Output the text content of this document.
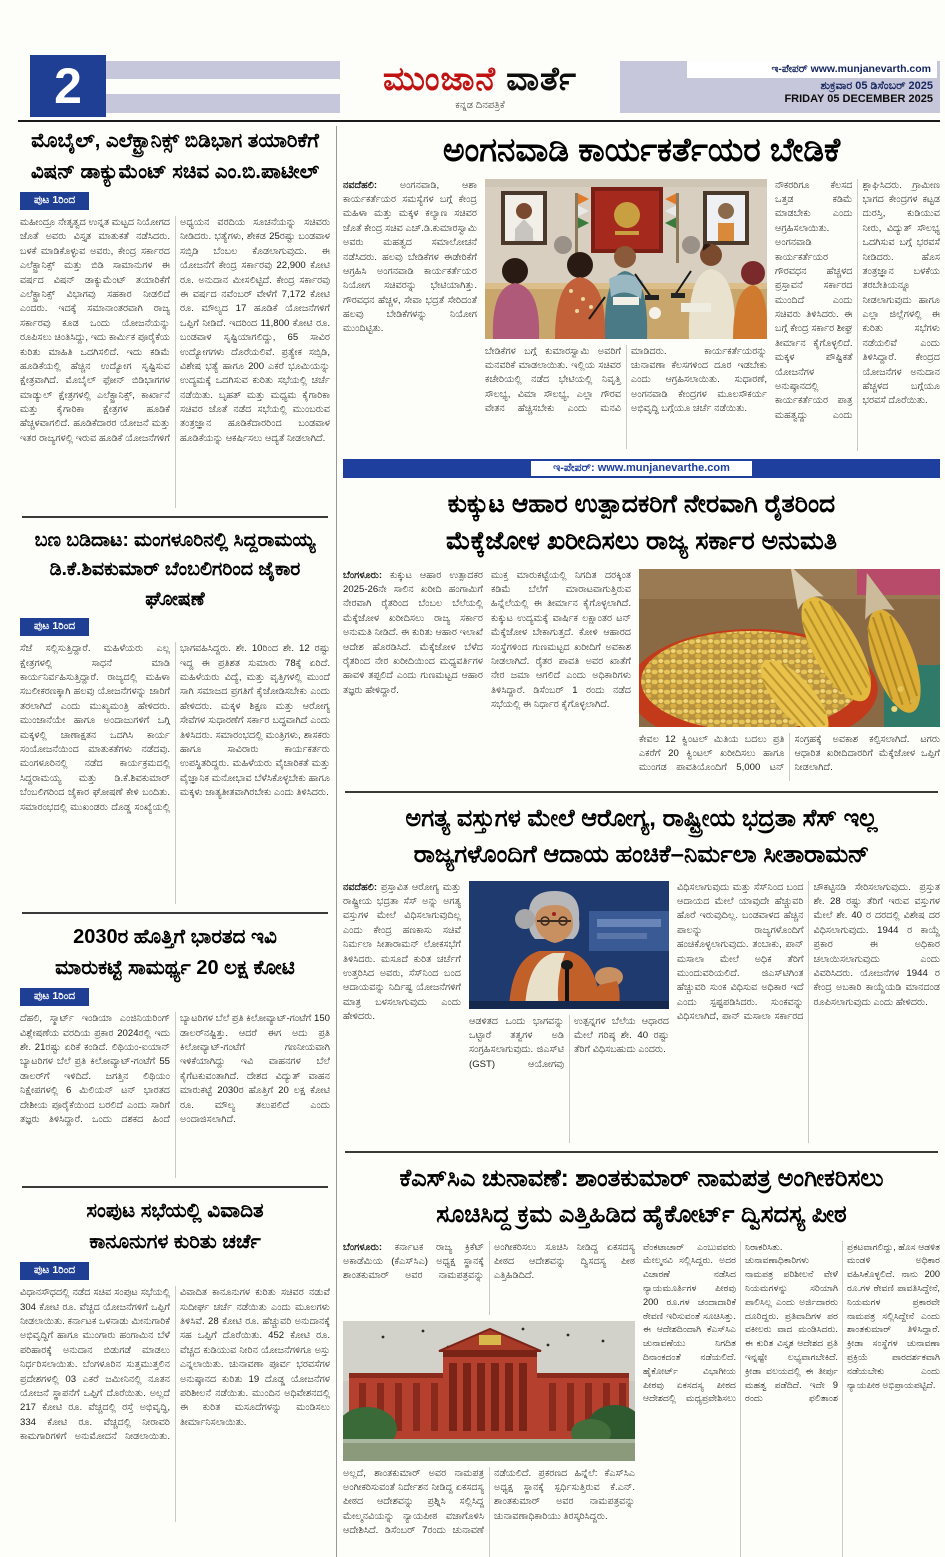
2	ಮುಂಜಾನೆ ವಾರ್ತೆ
ಕನ್ನಡ ದಿನಪತ್ರಿಕೆ
ಇ-ಪೇಪರ್ www.munjanevarth.com
ಶುಕ್ರವಾರ 05 ಡಿಸೆಂಬರ್ 2025
FRIDAY 05 DECEMBER 2025
ಮೊಬೈಲ್, ಎಲೆಕ್ಟ್ರಾನಿಕ್ಸ್ ಬಿಡಿಭಾಗ ತಯಾರಿಕೆಗೆ
ವಿಷನ್ ಡಾಕ್ಯುಮೆಂಟ್ ಸಚಿವ ಎಂ.ಬಿ.ಪಾಟೀಲ್
ಪುಟ 1ರಿಂದ
ಮಹೀಂದ್ರೂ ನೇತೃತ್ವದ ಉನ್ನತ ಮಟ್ಟದ ನಿಯೋಗದ ಜೊತೆ ಅವರು ವಿಸ್ತೃತ ಮಾತುಕತೆ ನಡೆಸಿದರು. ಬಳಕೆ ಮಾಡಿಕೊಳ್ಳುವ ಅವರು, ಕೇಂದ್ರ ಸರ್ಕಾರದ ಎಲೆಕ್ಟ್ರಾನಿಕ್ಸ್ ಮತ್ತು ಬಿಡಿ ಸಾಮಾನುಗಳ ಈ ವರ್ಷದ ವಿಷನ್ ಡಾಕ್ಯುಮೆಂಟ್ ತಯಾರಿಕೆಗೆ ಎಲೆಕ್ಟ್ರಾನಿಕ್ಸ್ ವಿಭಾಗವು ಸಹಕಾರ ನೀಡಲಿದೆ ಎಂದರು. ಇದಕ್ಕೆ ಸಮಾನಾಂತರವಾಗಿ ರಾಜ್ಯ ಸರ್ಕಾರವು ಕೂಡ ಒಂದು ಯೋಜನೆಯನ್ನು ರೂಪಿಸಲು ಚಿಂತಿಸಿದ್ದು, ಇದು ಕಾರ್ಮಿಕ ಪೂರೈಕೆಯ ಕುರಿತು ಮಾಹಿತಿ ಒದಗಿಸಲಿದೆ. ಇದು ಕಡಿಮೆ ಹೂಡಿಕೆಯಲ್ಲಿ ಹೆಚ್ಚಿನ ಉದ್ಯೋಗ ಸೃಷ್ಟಿಸುವ ಕ್ಷೇತ್ರವಾಗಿದೆ. ಮೊಬೈಲ್ ಫೋನ್ ಬಿಡಿಭಾಗಗಳ ಮಾಡ್ಯುಲ್ ಕ್ಷೇತ್ರಗಳಲ್ಲಿ ಎಲೆಕ್ಟ್ರಾನಿಕ್ಸ್, ಕಾರ್ಖಾನೆ ಮತ್ತು ಕೈಗಾರಿಕಾ ಕ್ಷೇತ್ರಗಳ ಹೂಡಿಕೆ ಹೆಚ್ಚಳವಾಗಲಿದೆ. ಹೂಡಿಕೆದಾರರ ಯೋಜನೆ ಮತ್ತು ಇತರ ರಾಜ್ಯಗಳಲ್ಲಿ ಇರುವ ಹೂಡಿಕೆ ಯೋಜನೆಗಳಿಗೆ ಅಧ್ಯಯನ ವರದಿಯ ಸೂಚನೆಯನ್ನು ಸಚಿವರು ನೀಡಿದರು. ಭತ್ಯೆಗಳು, ಶೇಕಡ 25ರಷ್ಟು ಬಂಡವಾಳ ಸಬ್ಸಿಡಿ ಬೆಂಬಲ ಕೊಡಲಾಗುವುದು. ಈ ಯೋಜನೆಗೆ ಕೇಂದ್ರ ಸರ್ಕಾರವು 22,900 ಕೋಟಿ ರೂ. ಅನುದಾನ ಮೀಸಲಿಟ್ಟಿದೆ. ಕೇಂದ್ರ ಸರ್ಕಾರವು ಈ ವರ್ಷದ ನವೆಂಬರ್ ವೇಳೆಗೆ 7,172 ಕೋಟಿ ರೂ. ಮೌಲ್ಯದ 17 ಹೂಡಿಕೆ ಯೋಜನೆಗಳಿಗೆ ಒಪ್ಪಿಗೆ ನೀಡಿದೆ. ಇದರಿಂದ 11,800 ಕೋಟಿ ರೂ. ಬಂಡವಾಳ ಸೃಷ್ಟಿಯಾಗಲಿದ್ದು, 65 ಸಾವಿರ ಉದ್ಯೋಗಗಳು ದೊರೆಯಲಿವೆ. ಪ್ರತ್ಯೇಕ ಸಬ್ಸಿಡಿ, ವಿಶೇಷ ಭತ್ಯೆ ಹಾಗೂ 200 ಎಕರೆ ಭೂಮಿಯನ್ನು ಉದ್ಯಮಕ್ಕೆ ಒದಗಿಸುವ ಕುರಿತು ಸಭೆಯಲ್ಲಿ ಚರ್ಚೆ ನಡೆಯಿತು. ಬೃಹತ್ ಮತ್ತು ಮಧ್ಯಮ ಕೈಗಾರಿಕಾ ಸಚಿವರ ಜೊತೆ ನಡೆದ ಸಭೆಯಲ್ಲಿ ಮುಂಬರುವ ತಂತ್ರಜ್ಞಾನ ಹೂಡಿಕೆದಾರರಿಂದ ಬಂಡವಾಳ ಹೂಡಿಕೆಯನ್ನು ಆಕರ್ಷಿಸಲು ಆದ್ಯತೆ ನೀಡಲಾಗಿದೆ.
ಬಣ ಬಡಿದಾಟ: ಮಂಗಳೂರಿನಲ್ಲಿ ಸಿದ್ದರಾಮಯ್ಯ
ಡಿ.ಕೆ.ಶಿವಕುಮಾರ್ ಬೆಂಬಲಿಗರಿಂದ ಜೈಕಾರ ಘೋಷಣೆ
ಪುಟ 1ರಿಂದ
ಸೆಜೆ ಸಲ್ಲಿಸುತ್ತಿದ್ದಾರೆ. ಮಹಿಳೆಯರು ಎಲ್ಲ ಕ್ಷೇತ್ರಗಳಲ್ಲಿ ಸಾಧನೆ ಮಾಡಿ ಕಾರ್ಯನಿರ್ವಹಿಸುತ್ತಿದ್ದಾರೆ. ರಾಜ್ಯದಲ್ಲಿ ಮಹಿಳಾ ಸಬಲೀಕರಣಕ್ಕಾಗಿ ಹಲವು ಯೋಜನೆಗಳನ್ನು ಜಾರಿಗೆ ತರಲಾಗಿದೆ ಎಂದು ಮುಖ್ಯಮಂತ್ರಿ ಹೇಳಿದರು. ಮುಂಜಾನೆಯೇ ಹಾಗೂ ಅಂದಾಜುಗಳಿಗೆ ಒಗ್ಗಿ ಮಕ್ಕಳಲ್ಲಿ ಚಾಣಾಕ್ಷತನ ಒದಗಿಸಿ ಕಾರ್ಯ ಸಂಯೋಜನೆಯಿಂದ ಮಾತುಕತೆಗಳು ನಡೆದವು. ಮಂಗಳೂರಿನಲ್ಲಿ ನಡೆದ ಕಾರ್ಯಕ್ರಮದಲ್ಲಿ ಸಿದ್ದರಾಮಯ್ಯ ಮತ್ತು ಡಿ.ಕೆ.ಶಿವಕುಮಾರ್ ಬೆಂಬಲಿಗರಿಂದ ಜೈಕಾರ ಘೋಷಣೆ ಕೇಳಿ ಬಂದಿತು. ಸಮಾರಂಭದಲ್ಲಿ ಮುಖಂಡರು ದೊಡ್ಡ ಸಂಖ್ಯೆಯಲ್ಲಿ ಭಾಗವಹಿಸಿದ್ದರು. ಶೇ. 10ರಿಂದ ಶೇ. 12 ರಷ್ಟು ಇದ್ದ ಈ ಪ್ರತಿಶತ ಸುಮಾರು 78ಕ್ಕೆ ಏರಿದೆ. ಮಹಿಳೆಯರು ವಿದ್ಯೆ, ಮತ್ತು ವೃತ್ತಿಗಳಲ್ಲಿ ಮುಂದೆ ಸಾಗಿ ಸಮಾಜದ ಪ್ರಗತಿಗೆ ಕೈಜೋಡಿಸಬೇಕು ಎಂದು ಹೇಳಿದರು. ಮಕ್ಕಳ ಶಿಕ್ಷಣ ಮತ್ತು ಆರೋಗ್ಯ ಸೇವೆಗಳ ಸುಧಾರಣೆಗೆ ಸರ್ಕಾರ ಬದ್ಧವಾಗಿದೆ ಎಂದು ತಿಳಿಸಿದರು. ಸಮಾರಂಭದಲ್ಲಿ ಮಂತ್ರಿಗಳು, ಶಾಸಕರು ಹಾಗೂ ಸಾವಿರಾರು ಕಾರ್ಯಕರ್ತರು ಉಪಸ್ಥಿತರಿದ್ದರು. ಮಹಿಳೆಯರು ವೈಚಾರಿಕತೆ ಮತ್ತು ವೈಜ್ಞಾನಿಕ ಮನೋಭಾವ ಬೆಳೆಸಿಕೊಳ್ಳಬೇಕು ಹಾಗೂ ಮಕ್ಕಳು ಜಾತ್ಯತೀತವಾಗಿರಬೇಕು ಎಂದು ತಿಳಿಸಿದರು.
2030ರ ಹೊತ್ತಿಗೆ ಭಾರತದ ಇವಿ
ಮಾರುಕಟ್ಟೆ ಸಾಮರ್ಥ್ಯ 20 ಲಕ್ಷ ಕೋಟಿ
ಪುಟ 1ರಿಂದ
ದೆಹಲಿ, ಸ್ಮಾರ್ಟ್ ಇಂಡಿಯಾ ಎಂಜಿನಿಯರಿಂಗ್ ವಿಶ್ಲೇಷಣೆಯ ವರದಿಯ ಪ್ರಕಾರ 2024ರಲ್ಲಿ ಇದು ಶೇ. 21ರಷ್ಟು ಏರಿಕೆ ಕಂಡಿದೆ. ಲಿಥಿಯಂ-ಐಯಾನ್ ಬ್ಯಾಟರಿಗಳ ಬೆಲೆ ಪ್ರತಿ ಕಿಲೋವ್ಯಾಟ್-ಗಂಟೆಗೆ 55 ಡಾಲರ್‌ಗೆ ಇಳಿದಿದೆ. ಜಗತ್ತಿನ ಲಿಥಿಯಂ ನಿಕ್ಷೇಪಗಳಲ್ಲಿ 6 ಮಿಲಿಯನ್ ಟನ್ ಭಾರತದ ದೇಶೀಯ ಪೂರೈಕೆಯಿಂದ ಬರಲಿದೆ ಎಂದು ಸಾರಿಗೆ ತಜ್ಞರು ತಿಳಿಸಿದ್ದಾರೆ. ಒಂದು ದಶಕದ ಹಿಂದೆ ಬ್ಯಾಟರಿಗಳ ಬೆಲೆ ಪ್ರತಿ ಕಿಲೋವ್ಯಾಟ್-ಗಂಟೆಗೆ 150 ಡಾಲರ್‌ನಷ್ಟಿತ್ತು. ಆದರೆ ಈಗ ಅದು ಪ್ರತಿ ಕಿಲೋವ್ಯಾಟ್-ಗಂಟೆಗೆ ಗಣನೀಯವಾಗಿ ಇಳಿಕೆಯಾಗಿದ್ದು ಇವಿ ವಾಹನಗಳ ಬೆಲೆ ಕೈಗೆಟಕುವಂತಾಗಿದೆ. ದೇಶದ ವಿದ್ಯುತ್ ವಾಹನ ಮಾರುಕಟ್ಟೆ 2030ರ ಹೊತ್ತಿಗೆ 20 ಲಕ್ಷ ಕೋಟಿ ರೂ. ಮೌಲ್ಯ ತಲುಪಲಿದೆ ಎಂದು ಅಂದಾಜಿಸಲಾಗಿದೆ.
ಸಂಪುಟ ಸಭೆಯಲ್ಲಿ ವಿವಾದಿತ
ಕಾನೂನುಗಳ ಕುರಿತು ಚರ್ಚೆ
ಪುಟ 1ರಿಂದ
ವಿಧಾನಸೌಧದಲ್ಲಿ ನಡೆದ ಸಚಿವ ಸಂಪುಟ ಸಭೆಯಲ್ಲಿ 304 ಕೋಟಿ ರೂ. ವೆಚ್ಚದ ಯೋಜನೆಗಳಿಗೆ ಒಪ್ಪಿಗೆ ನೀಡಲಾಯಿತು. ಕರ್ನಾಟಕ ಒಳನಾಡು ಮೀನುಗಾರಿಕೆ ಅಭಿವೃದ್ಧಿಗೆ ಹಾಗೂ ಮುಂಗಾರು ಹಂಗಾಮಿನ ಬೆಳೆ ಪರಿಹಾರಕ್ಕೆ ಅನುದಾನ ಬಿಡುಗಡೆ ಮಾಡಲು ನಿರ್ಧರಿಸಲಾಯಿತು. ಬೆಂಗಳೂರಿನ ಸುತ್ತಮುತ್ತಲಿನ ಪ್ರದೇಶಗಳಲ್ಲಿ 03 ಎಕರೆ ಜಮೀನಿನಲ್ಲಿ ನೂತನ ಯೋಜನೆ ಸ್ಥಾಪನೆಗೆ ಒಪ್ಪಿಗೆ ದೊರೆಯಿತು. ಅಲ್ಲದೆ 217 ಕೋಟಿ ರೂ. ವೆಚ್ಚದಲ್ಲಿ ರಸ್ತೆ ಅಭಿವೃದ್ಧಿ, 334 ಕೋಟಿ ರೂ. ವೆಚ್ಚದಲ್ಲಿ ನೀರಾವರಿ ಕಾಮಗಾರಿಗಳಿಗೆ ಅನುಮೋದನೆ ನೀಡಲಾಯಿತು. ವಿವಾದಿತ ಕಾನೂನುಗಳ ಕುರಿತು ಸಚಿವರ ನಡುವೆ ಸುದೀರ್ಘ ಚರ್ಚೆ ನಡೆಯಿತು ಎಂದು ಮೂಲಗಳು ತಿಳಿಸಿವೆ. 28 ಕೋಟಿ ರೂ. ಹೆಚ್ಚುವರಿ ಅನುದಾನಕ್ಕೆ ಸಹ ಒಪ್ಪಿಗೆ ದೊರೆಯಿತು. 452 ಕೋಟಿ ರೂ. ವೆಚ್ಚದ ಕುಡಿಯುವ ನೀರಿನ ಯೋಜನೆಗಳಿಗೂ ಅಸ್ತು ಎನ್ನಲಾಯಿತು. ಚುನಾವಣಾ ಪೂರ್ವ ಭರವಸೆಗಳ ಅನುಷ್ಠಾನದ ಕುರಿತು 19 ದೊಡ್ಡ ಯೋಜನೆಗಳ ಪರಿಶೀಲನೆ ನಡೆಯಿತು. ಮುಂದಿನ ಅಧಿವೇಶನದಲ್ಲಿ ಈ ಕುರಿತ ಮಸೂದೆಗಳನ್ನು ಮಂಡಿಸಲು ತೀರ್ಮಾನಿಸಲಾಯಿತು.
ಅಂಗನವಾಡಿ ಕಾರ್ಯಕರ್ತೆಯರ ಬೇಡಿಕೆ
ನವದೆಹಲಿ: ಅಂಗನವಾಡಿ, ಆಶಾ ಕಾರ್ಯಕರ್ತೆಯರ ಸಮಸ್ಯೆಗಳ ಬಗ್ಗೆ ಕೇಂದ್ರ ಮಹಿಳಾ ಮತ್ತು ಮಕ್ಕಳ ಕಲ್ಯಾಣ ಸಚಿವರ ಜೊತೆ ಕೇಂದ್ರ ಸಚಿವ ಎಚ್.ಡಿ.ಕುಮಾರಸ್ವಾಮಿ ಅವರು ಮಹತ್ವದ ಸಮಾಲೋಚನೆ ನಡೆಸಿದರು. ಹಲವು ಬೇಡಿಕೆಗಳ ಈಡೇರಿಕೆಗೆ ಆಗ್ರಹಿಸಿ ಅಂಗನವಾಡಿ ಕಾರ್ಯಕರ್ತೆಯರ ನಿಯೋಗ ಸಚಿವರನ್ನು ಭೇಟಿಯಾಗಿತ್ತು. ಗೌರವಧನ ಹೆಚ್ಚಳ, ಸೇವಾ ಭದ್ರತೆ ಸೇರಿದಂತೆ ಹಲವು ಬೇಡಿಕೆಗಳನ್ನು ನಿಯೋಗ ಮುಂದಿಟ್ಟಿತು.
ಬೇಡಿಕೆಗಳ ಬಗ್ಗೆ ಕುಮಾರಸ್ವಾಮಿ ಅವರಿಗೆ ಮನವರಿಕೆ ಮಾಡಲಾಯಿತು. ಇಲ್ಲಿಯ ಸಚಿವರ ಕಚೇರಿಯಲ್ಲಿ ನಡೆದ ಭೇಟಿಯಲ್ಲಿ ನಿವೃತ್ತಿ ಸೌಲಭ್ಯ, ವಿಮಾ ಸೌಲಭ್ಯ, ಎಲ್ಲಾ ಗೌರವ ವೇತನ ಹೆಚ್ಚಿಸಬೇಕು ಎಂದು ಮನವಿ ಮಾಡಿದರು. ಕಾರ್ಯಕರ್ತೆಯರನ್ನು ಚುನಾವಣಾ ಕೆಲಸಗಳಿಂದ ದೂರ ಇಡಬೇಕು ಎಂದು ಆಗ್ರಹಿಸಲಾಯಿತು. ಸುಧಾರಣೆ, ಅಂಗನವಾಡಿ ಕೇಂದ್ರಗಳ ಮೂಲಸೌಕರ್ಯ ಅಭಿವೃದ್ಧಿ ಬಗ್ಗೆಯೂ ಚರ್ಚೆ ನಡೆಯಿತು.
ನೌಕರರಿಗೂ ಕೆಲಸದ ಒತ್ತಡ ಕಡಿಮೆ ಮಾಡಬೇಕು ಎಂದು ಆಗ್ರಹಿಸಲಾಯಿತು. ಅಂಗನವಾಡಿ ಕಾರ್ಯಕರ್ತೆಯರ ಗೌರವಧನ ಹೆಚ್ಚಳದ ಪ್ರಸ್ತಾವನೆ ಸರ್ಕಾರದ ಮುಂದಿದೆ ಎಂದು ಸಚಿವರು ತಿಳಿಸಿದರು. ಈ ಬಗ್ಗೆ ಕೇಂದ್ರ ಸರ್ಕಾರ ಶೀಘ್ರ ತೀರ್ಮಾನ ಕೈಗೊಳ್ಳಲಿದೆ. ಮಕ್ಕಳ ಪೌಷ್ಟಿಕತೆ ಯೋಜನೆಗಳ ಅನುಷ್ಠಾನದಲ್ಲಿ ಕಾರ್ಯಕರ್ತೆಯರ ಪಾತ್ರ ಮಹತ್ವದ್ದು ಎಂದು ಶ್ಲಾಘಿಸಿದರು. ಗ್ರಾಮೀಣ ಭಾಗದ ಕೇಂದ್ರಗಳ ಕಟ್ಟಡ ದುರಸ್ತಿ, ಕುಡಿಯುವ ನೀರು, ವಿದ್ಯುತ್ ಸೌಲಭ್ಯ ಒದಗಿಸುವ ಬಗ್ಗೆ ಭರವಸೆ ನೀಡಿದರು. ಹೊಸ ತಂತ್ರಜ್ಞಾನ ಬಳಕೆಯ ತರಬೇತಿಯನ್ನೂ ನೀಡಲಾಗುವುದು ಹಾಗೂ ಎಲ್ಲಾ ಜಿಲ್ಲೆಗಳಲ್ಲಿ ಈ ಕುರಿತು ಸಭೆಗಳು ನಡೆಯಲಿವೆ ಎಂದು ತಿಳಿಸಿದ್ದಾರೆ. ಕೇಂದ್ರದ ಯೋಜನೆಗಳ ಅನುದಾನ ಹೆಚ್ಚಳದ ಬಗ್ಗೆಯೂ ಭರವಸೆ ದೊರೆಯಿತು.
ಇ-ಪೇಪರ್: www.munjanevarthe.com
ಕುಕ್ಕುಟ ಆಹಾರ ಉತ್ಪಾದಕರಿಗೆ ನೇರವಾಗಿ ರೈತರಿಂದ
ಮೆಕ್ಕೆಜೋಳ ಖರೀದಿಸಲು ರಾಜ್ಯ ಸರ್ಕಾರ ಅನುಮತಿ
ಬೆಂಗಳೂರು: ಕುಕ್ಕುಟ ಆಹಾರ ಉತ್ಪಾದಕರ 2025-26ನೇ ಸಾಲಿನ ಖರೀದಿ ಹಂಗಾಮಿಗೆ ನೇರವಾಗಿ ರೈತರಿಂದ ಬೆಂಬಲ ಬೆಲೆಯಲ್ಲಿ ಮೆಕ್ಕೆಜೋಳ ಖರೀದಿಸಲು ರಾಜ್ಯ ಸರ್ಕಾರ ಅನುಮತಿ ನೀಡಿದೆ. ಈ ಕುರಿತು ಆಹಾರ ಇಲಾಖೆ ಆದೇಶ ಹೊರಡಿಸಿದೆ. ಮೆಕ್ಕೆಜೋಳ ಬೆಳೆದ ರೈತರಿಂದ ನೇರ ಖರೀದಿಯಿಂದ ಮಧ್ಯವರ್ತಿಗಳ ಹಾವಳಿ ತಪ್ಪಲಿದೆ ಎಂದು ಗುಣಮಟ್ಟದ ಆಹಾರ ತಜ್ಞರು ಹೇಳಿದ್ದಾರೆ.
ಮುಕ್ತ ಮಾರುಕಟ್ಟೆಯಲ್ಲಿ ನಿಗದಿತ ದರಕ್ಕಿಂತ ಕಡಿಮೆ ಬೆಲೆಗೆ ಮಾರಾಟವಾಗುತ್ತಿರುವ ಹಿನ್ನೆಲೆಯಲ್ಲಿ ಈ ತೀರ್ಮಾನ ಕೈಗೊಳ್ಳಲಾಗಿದೆ. ಕುಕ್ಕುಟ ಉದ್ಯಮಕ್ಕೆ ವಾರ್ಷಿಕ ಲಕ್ಷಾಂತರ ಟನ್ ಮೆಕ್ಕೆಜೋಳ ಬೇಕಾಗುತ್ತದೆ. ಕೋಳಿ ಆಹಾರದ ಸಂಸ್ಥೆಗಳಿಂದ ಗುಣಮಟ್ಟದ ಖರೀದಿಗೆ ಅವಕಾಶ ನೀಡಲಾಗಿದೆ. ರೈತರ ಪಾವತಿ ಅವರ ಖಾತೆಗೆ ನೇರ ಜಮಾ ಆಗಲಿದೆ ಎಂದು ಅಧಿಕಾರಿಗಳು ತಿಳಿಸಿದ್ದಾರೆ. ಡಿಸೆಂಬರ್ 1 ರಂದು ನಡೆದ ಸಭೆಯಲ್ಲಿ ಈ ನಿರ್ಧಾರ ಕೈಗೊಳ್ಳಲಾಗಿದೆ.
ಕೇವಲ 12 ಕ್ವಿಂಟಲ್ ಮಿತಿಯ ಬದಲು ಪ್ರತಿ ಎಕರೆಗೆ 20 ಕ್ವಿಂಟಲ್ ಖರೀದಿಸಲು ಹಾಗೂ ಮುಂಗಡ ಪಾವತಿಯೊಂದಿಗೆ 5,000 ಟನ್ ಸಂಗ್ರಹಕ್ಕೆ ಅವಕಾಶ ಕಲ್ಪಿಸಲಾಗಿದೆ. ಟಗರು ಆಧಾರಿತ ಖರೀದಿದಾರರಿಗೆ ಮೆಕ್ಕೆಜೋಳ ಒಪ್ಪಿಗೆ ನೀಡಲಾಗಿದೆ.
ಅಗತ್ಯ ವಸ್ತುಗಳ ಮೇಲೆ ಆರೋಗ್ಯ, ರಾಷ್ಟ್ರೀಯ ಭದ್ರತಾ ಸೆಸ್ ಇಲ್ಲ
ರಾಜ್ಯಗಳೊಂದಿಗೆ ಆದಾಯ ಹಂಚಿಕೆ–ನಿರ್ಮಲಾ ಸೀತಾರಾಮನ್
ನವದೆಹಲಿ: ಪ್ರಸ್ತಾವಿತ ಆರೋಗ್ಯ ಮತ್ತು ರಾಷ್ಟ್ರೀಯ ಭದ್ರತಾ ಸೆಸ್ ಅನ್ನು ಅಗತ್ಯ ವಸ್ತುಗಳ ಮೇಲೆ ವಿಧಿಸಲಾಗುವುದಿಲ್ಲ ಎಂದು ಕೇಂದ್ರ ಹಣಕಾಸು ಸಚಿವೆ ನಿರ್ಮಲಾ ಸೀತಾರಾಮನ್ ಲೋಕಸಭೆಗೆ ತಿಳಿಸಿದರು. ಮಸೂದೆ ಕುರಿತ ಚರ್ಚೆಗೆ ಉತ್ತರಿಸಿದ ಅವರು, ಸೆಸ್‌ನಿಂದ ಬಂದ ಆದಾಯವನ್ನು ನಿರ್ದಿಷ್ಟ ಯೋಜನೆಗಳಿಗೆ ಮಾತ್ರ ಬಳಸಲಾಗುವುದು ಎಂದು ಹೇಳಿದರು.	ಆಡಳಿತದ ಒಂದು ಭಾಗವನ್ನು ಒಟ್ಟಾರೆ ತತ್ವಗಳ ಅಡಿ ಸಂಗ್ರಹಿಸಲಾಗುವುದು. ಜಿಎಸ್‌ಟಿ (GST) ಆಯೋಗವು ಉತ್ಪನ್ನಗಳ ಬೆಲೆಯ ಆಧಾರದ ಮೇಲೆ ಗರಿಷ್ಠ ಶೇ. 40 ರಷ್ಟು ತೆರಿಗೆ ವಿಧಿಸಬಹುದು ಎಂದರು.
ವಿಧಿಸಲಾಗುವುದು ಮತ್ತು ಸೆಸ್‌ನಿಂದ ಬಂದ ಆದಾಯದ ಮೇಲೆ ಯಾವುದೇ ಹೆಚ್ಚುವರಿ ಹೊರೆ ಇರುವುದಿಲ್ಲ. ಬಂಡವಾಳದ ಹೆಚ್ಚಿನ ಪಾಲನ್ನು ರಾಜ್ಯಗಳೊಂದಿಗೆ ಹಂಚಿಕೊಳ್ಳಲಾಗುವುದು. ತಂಬಾಕು, ಪಾನ್ ಮಸಾಲಾ ಮೇಲೆ ಅಧಿಕ ತೆರಿಗೆ ಮುಂದುವರಿಯಲಿದೆ. ಜಿಎಸ್‌ಟಿಗಿಂತ ಹೆಚ್ಚುವರಿ ಸುಂಕ ವಿಧಿಸುವ ಅಧಿಕಾರ ಇದೆ ಎಂದು ಸ್ಪಷ್ಟಪಡಿಸಿದರು. ಸುಂಕವನ್ನು ವಿಧಿಸಲಾಗಿದೆ, ಪಾನ್ ಮಸಾಲಾ ಸರ್ಕಾರದ ಚೌಕಟ್ಟಿನಡಿ ಸೇರಿಸಲಾಗುವುದು. ಪ್ರಸ್ತುತ ಶೇ. 28 ರಷ್ಟು ತೆರಿಗೆ ಇರುವ ವಸ್ತುಗಳ ಮೇಲೆ ಶೇ. 40 ರ ದರದಲ್ಲಿ ವಿಶೇಷ ದರ ವಿಧಿಸಲಾಗುವುದು. 1944 ರ ಕಾಯ್ದೆ ಪ್ರಕಾರ ಈ ಅಧಿಕಾರ ಚಲಾಯಿಸಲಾಗುವುದು ಎಂದು ವಿವರಿಸಿದರು. ಯೋಜನೆಗಳ 1944 ರ ಕೇಂದ್ರ ಅಬಕಾರಿ ಕಾಯ್ದೆಯಡಿ ಮಾನದಂಡ ರೂಪಿಸಲಾಗುವುದು ಎಂದು ಹೇಳಿದರು.
ಕೆಎಸ್‌ಸಿಎ ಚುನಾವಣೆ: ಶಾಂತಕುಮಾರ್ ನಾಮಪತ್ರ ಅಂಗೀಕರಿಸಲು
ಸೂಚಿಸಿದ್ದ ಕ್ರಮ ಎತ್ತಿಹಿಡಿದ ಹೈಕೋರ್ಟ್ ದ್ವಿಸದಸ್ಯ ಪೀಠ
ಬೆಂಗಳೂರು: ಕರ್ನಾಟಕ ರಾಜ್ಯ ಕ್ರಿಕೆಟ್ ಅಕಾಡೆಮಿಯ (ಕೆಎಸ್‌ಸಿಎ) ಅಧ್ಯಕ್ಷ ಸ್ಥಾನಕ್ಕೆ ಶಾಂತಕುಮಾರ್ ಅವರ ನಾಮಪತ್ರವನ್ನು ಅಂಗೀಕರಿಸಲು ಸೂಚಿಸಿ ನೀಡಿದ್ದ ಏಕಸದಸ್ಯ ಪೀಠದ ಆದೇಶವನ್ನು ದ್ವಿಸದಸ್ಯ ಪೀಠ ಎತ್ತಿಹಿಡಿದಿದೆ.
ಅಲ್ಲದೆ, ಶಾಂತಕುಮಾರ್ ಅವರ ನಾಮಪತ್ರ ಅಂಗೀಕರಿಸುವಂತೆ ನಿರ್ದೇಶನ ನೀಡಿದ್ದ ಏಕಸದಸ್ಯ ಪೀಠದ ಆದೇಶವನ್ನು ಪ್ರಶ್ನಿಸಿ ಸಲ್ಲಿಸಿದ್ದ ಮೇಲ್ಮನವಿಯನ್ನು ನ್ಯಾಯಪೀಠ ವಜಾಗೊಳಿಸಿ ಆದೇಶಿಸಿದೆ. ಡಿಸೆಂಬರ್ 7ರಂದು ಚುನಾವಣೆ ನಡೆಯಲಿದೆ. ಪ್ರಕರಣದ ಹಿನ್ನೆಲೆ: ಕೆಎಸ್‌ಸಿಎ ಅಧ್ಯಕ್ಷ ಸ್ಥಾನಕ್ಕೆ ಸ್ಪರ್ಧಿಸುತ್ತಿರುವ ಕೆ.ಎನ್. ಶಾಂತಕುಮಾರ್ ಅವರ ನಾಮಪತ್ರವನ್ನು ಚುನಾವಣಾಧಿಕಾರಿಯು ತಿರಸ್ಕರಿಸಿದ್ದರು.
ವೆಂಕಟಾಚಾರ್ ಎಂಬುವವರು ಮೇಲ್ಮನವಿ ಸಲ್ಲಿಸಿದ್ದರು. ಅದರ ವಿಚಾರಣೆ ನಡೆಸಿದ ನ್ಯಾಯಮೂರ್ತಿಗಳ ಪೀಠವು 200 ರೂ.ಗಳ ಚಂದಾದಾರಿಕೆ ಠೇವಣಿ ಇರಿಸುವಂತೆ ಸೂಚಿಸಿತ್ತು. ಈ ಆದೇಶದಿಂದಾಗಿ ಕೆಎಸ್‌ಸಿಎ ಚುನಾವಣೆಯು ನಿಗದಿತ ದಿನಾಂಕದಂತೆ ನಡೆಯಲಿದೆ. ಹೈಕೋರ್ಟ್ ವಿಭಾಗೀಯ ಪೀಠವು ಏಕಸದಸ್ಯ ಪೀಠದ ಆದೇಶದಲ್ಲಿ ಮಧ್ಯಪ್ರವೇಶಿಸಲು ನಿರಾಕರಿಸಿತು. ಚುನಾವಣಾಧಿಕಾರಿಗಳು ನಾಮಪತ್ರ ಪರಿಶೀಲನೆ ವೇಳೆ ನಿಯಮಗಳನ್ನು ಸರಿಯಾಗಿ ಪಾಲಿಸಿಲ್ಲ ಎಂದು ಅರ್ಜಿದಾರರು ದೂರಿದ್ದರು. ಪ್ರತಿವಾದಿಗಳ ಪರ ವಕೀಲರು ವಾದ ಮಂಡಿಸಿದರು. ಈ ಕುರಿತ ವಿಸ್ತೃತ ಆದೇಶದ ಪ್ರತಿ ಇನ್ನಷ್ಟೇ ಲಭ್ಯವಾಗಬೇಕಿದೆ. ಕ್ರೀಡಾ ವಲಯದಲ್ಲಿ ಈ ತೀರ್ಪು ಮಹತ್ವ ಪಡೆದಿದೆ. ಇದೇ 9 ರಂದು ಫಲಿತಾಂಶ ಪ್ರಕಟವಾಗಲಿದ್ದು, ಹೊಸ ಆಡಳಿತ ಮಂಡಳಿ ಅಧಿಕಾರ ವಹಿಸಿಕೊಳ್ಳಲಿದೆ. ನಾನು 200 ರೂ.ಗಳ ಠೇವಣಿ ಪಾವತಿಸಿದ್ದೇನೆ, ನಿಯಮಗಳ ಪ್ರಕಾರವೇ ನಾಮಪತ್ರ ಸಲ್ಲಿಸಿದ್ದೇನೆ ಎಂದು ಶಾಂತಕುಮಾರ್ ತಿಳಿಸಿದ್ದಾರೆ. ಕ್ರೀಡಾ ಸಂಸ್ಥೆಗಳ ಚುನಾವಣಾ ಪ್ರಕ್ರಿಯೆ ಪಾರದರ್ಶಕವಾಗಿ ನಡೆಯಬೇಕು ಎಂದು ನ್ಯಾಯಪೀಠ ಅಭಿಪ್ರಾಯಪಟ್ಟಿದೆ.
